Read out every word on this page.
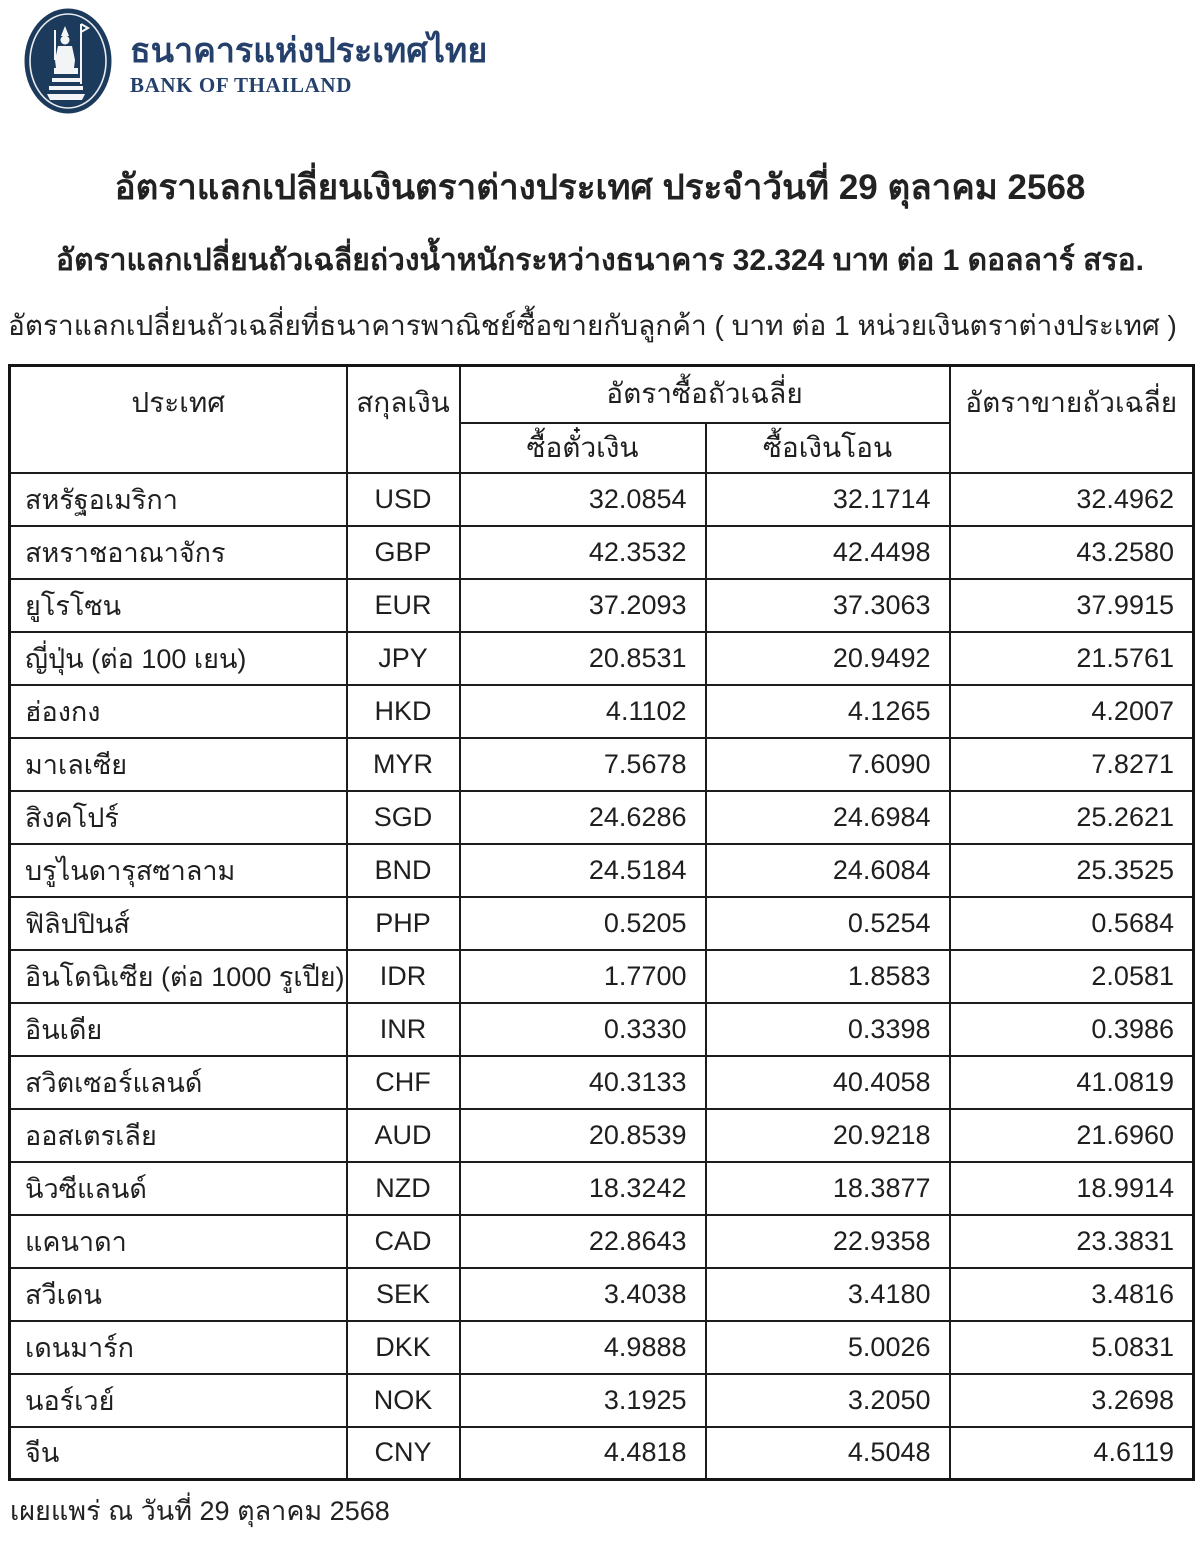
ธนาคารแห่งประเทศไทย
BANK OF THAILAND
อัตราแลกเปลี่ยนเงินตราต่างประเทศ ประจำวันที่ 29 ตุลาคม 2568
อัตราแลกเปลี่ยนถัวเฉลี่ยถ่วงน้ำหนักระหว่างธนาคาร 32.324 บาท ต่อ 1 ดอลลาร์ สรอ.
อัตราแลกเปลี่ยนถัวเฉลี่ยที่ธนาคารพาณิชย์ซื้อขายกับลูกค้า ( บาท ต่อ 1 หน่วยเงินตราต่างประเทศ )
ประเทศ	สกุลเงิน	อัตราซื้อถัวเฉลี่ย		อัตราขายถัวเฉลี่ย
		ซื้อตั๋วเงิน	ซื้อเงินโอน	
สหรัฐอเมริกา	USD	32.0854	32.1714	32.4962
สหราชอาณาจักร	GBP	42.3532	42.4498	43.2580
ยูโรโซน	EUR	37.2093	37.3063	37.9915
ญี่ปุ่น (ต่อ 100 เยน)	JPY	20.8531	20.9492	21.5761
ฮ่องกง	HKD	4.1102	4.1265	4.2007
มาเลเซีย	MYR	7.5678	7.6090	7.8271
สิงคโปร์	SGD	24.6286	24.6984	25.2621
บรูไนดารุสซาลาม	BND	24.5184	24.6084	25.3525
ฟิลิปปินส์	PHP	0.5205	0.5254	0.5684
อินโดนิเซีย (ต่อ 1000 รูเปีย)	IDR	1.7700	1.8583	2.0581
อินเดีย	INR	0.3330	0.3398	0.3986
สวิตเซอร์แลนด์	CHF	40.3133	40.4058	41.0819
ออสเตรเลีย	AUD	20.8539	20.9218	21.6960
นิวซีแลนด์	NZD	18.3242	18.3877	18.9914
แคนาดา	CAD	22.8643	22.9358	23.3831
สวีเดน	SEK	3.4038	3.4180	3.4816
เดนมาร์ก	DKK	4.9888	5.0026	5.0831
นอร์เวย์	NOK	3.1925	3.2050	3.2698
จีน	CNY	4.4818	4.5048	4.6119
เผยแพร่ ณ วันที่ 29 ตุลาคม 2568
